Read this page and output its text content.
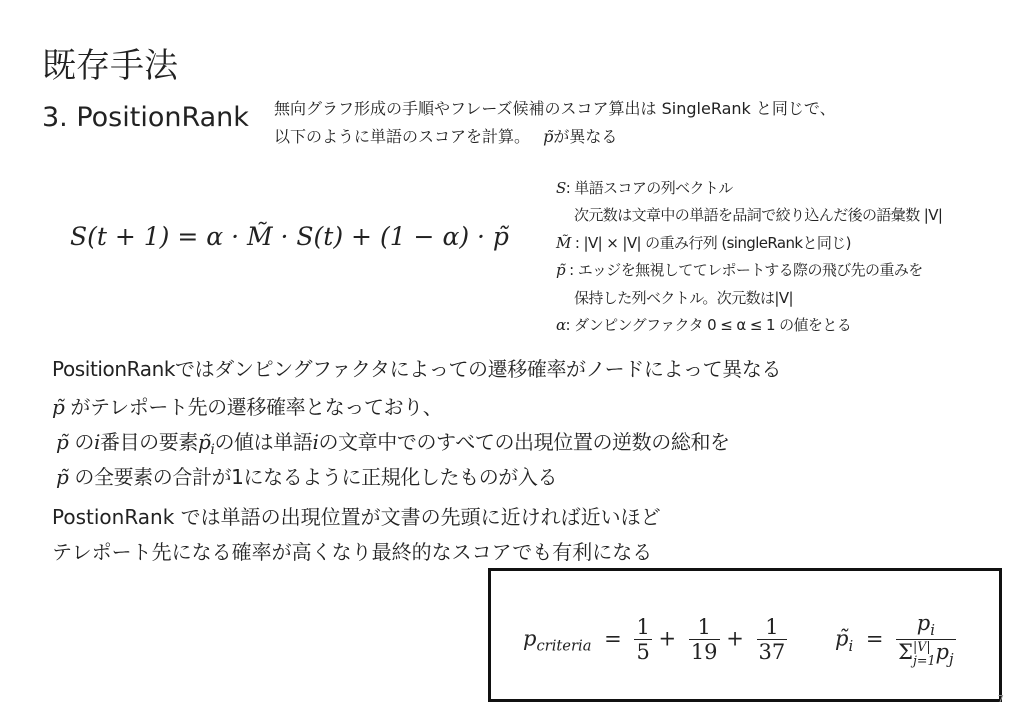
既存手法
3. PositionRank 無向グラフ形成の手順やフレーズ候補のスコア算出は SingleRank と同じで、
以下のように単語のスコアを計算。 p̃が異なる
S(t + 1) = α · M̃ · S(t) + (1 − α) · p̃
S: 単語スコアの列ベクトル
次元数は文章中の単語を品詞で絞り込んだ後の語彙数 |V|
M̃ : |V| × |V| の重み行列 (singleRankと同じ)
p̃ : エッジを無視しててレポートする際の飛び先の重みを
保持した列ベクトル。次元数は|V|
α: ダンピングファクタ 0 ≤ α ≤ 1 の値をとる
PositionRankではダンピングファクタによっての遷移確率がノードによって異なる
p̃ がテレポート先の遷移確率となっており、
p̃ のi番目の要素$p̃_i$の値は単語iの文章中でのすべての出現位置の逆数の総和を
p̃ の全要素の合計が1になるように正規化したものが入る
PostionRank では単語の出現位置が文書の先頭に近ければ近いほど
テレポート先になる確率が高くなり最終的なスコアでも有利になる
$p_{criteria} = \frac{1}{5} + \frac{1}{19} + \frac{1}{37}$ $p̃_i = p_i$
Σ |V|
j=1 $p_j$
7
